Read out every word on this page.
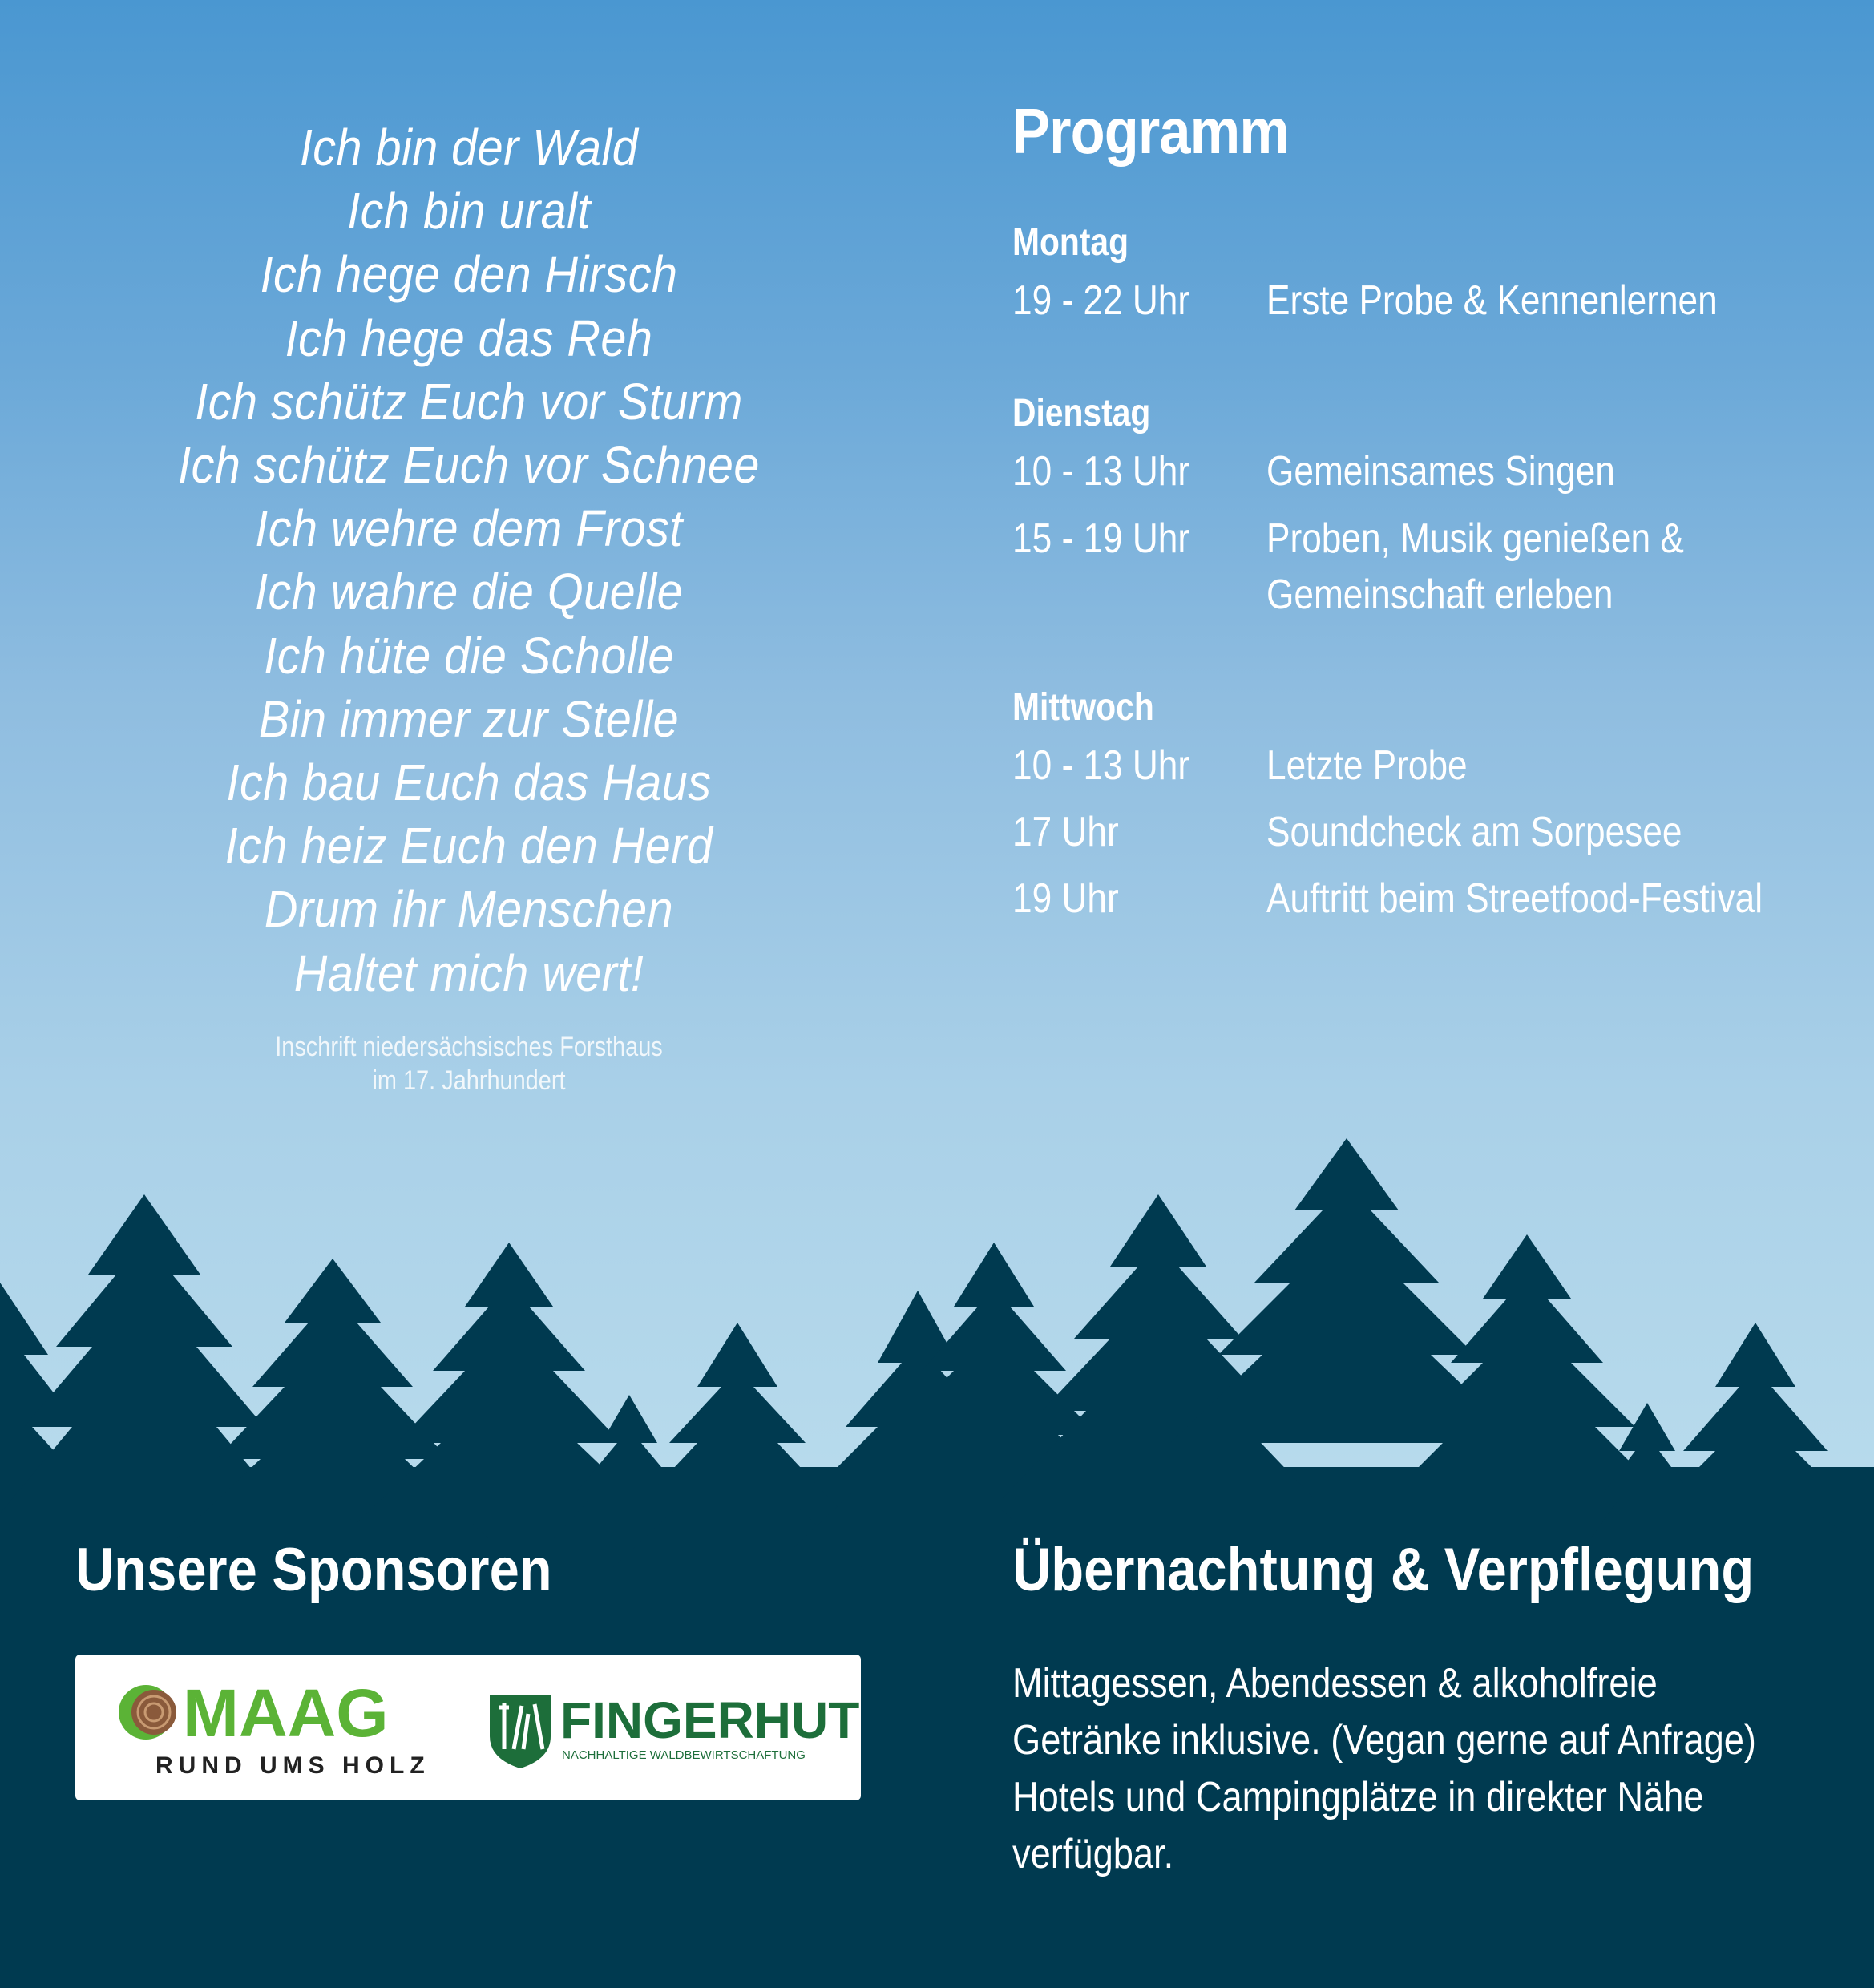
Ich bin der Wald
Ich bin uralt
Ich hege den Hirsch
Ich hege das Reh
Ich schütz Euch vor Sturm
Ich schütz Euch vor Schnee
Ich wehre dem Frost
Ich wahre die Quelle
Ich hüte die Scholle
Bin immer zur Stelle
Ich bau Euch das Haus
Ich heiz Euch den Herd
Drum ihr Menschen
Haltet mich wert!
Inschrift niedersächsisches Forsthaus
im 17. Jahrhundert
Programm
Montag
19 - 22 Uhr Erste Probe & Kennenlernen
Dienstag
10 - 13 Uhr Gemeinsames Singen
15 - 19 Uhr Proben, Musik genießen &
Gemeinschaft erleben
Mittwoch
10 - 13 Uhr Letzte Probe
17 Uhr	Soundcheck am Sorpesee
19 Uhr	Auftritt beim Streetfood-Festival
Unsere Sponsoren
MAAG
RUND UMS HOLZ
FINGERHUT
NACHHALTIGE WALDBEWIRTSCHAFTUNG
Übernachtung & Verpflegung
Mittagessen, Abendessen & alkoholfreie
Getränke inklusive. (Vegan gerne auf Anfrage)
Hotels und Campingplätze in direkter Nähe
verfügbar.
